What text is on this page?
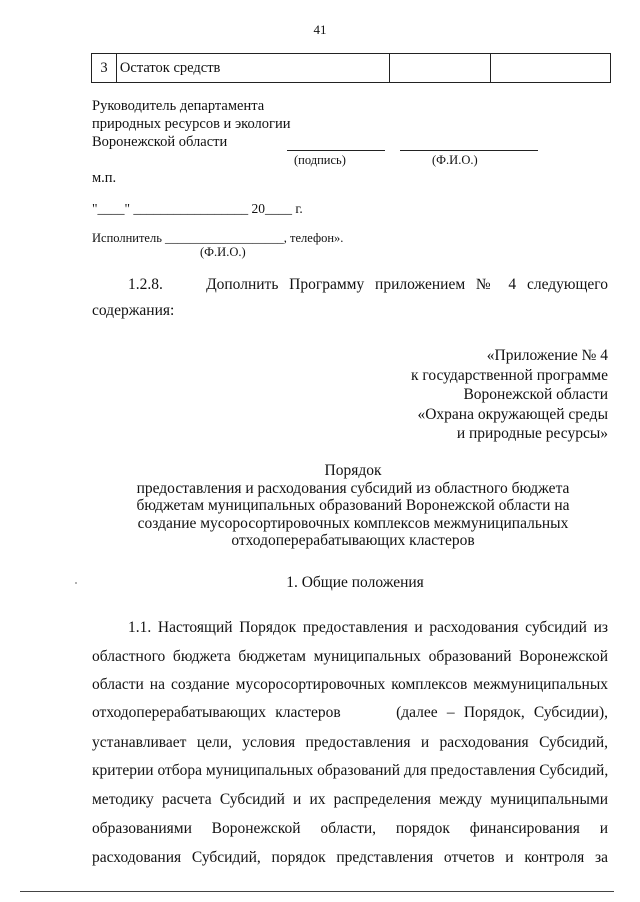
41
3 Остаток средств
Руководитель департамента
природных ресурсов и экологии
Воронежской области
(подпись)	(Ф.И.О.)
м.п.
"____" _________________ 20____ г.
Исполнитель ___________________, телефон».
(Ф.И.О.)
1.2.8.	Дополнить Программу приложением № 4 следующего
содержания:
«Приложение № 4
к государственной программе
Воронежской области
«Охрана окружающей среды
и природные ресурсы»
Порядок
предоставления и расходования субсидий из областного бюджета
бюджетам муниципальных образований Воронежской области на
создание мусоросортировочных комплексов межмуниципальных
отходоперерабатывающих кластеров
1. Общие положения
1.1. Настоящий Порядок предоставления и расходования субсидий из
областного бюджета бюджетам муниципальных образований Воронежской
области на создание мусоросортировочных комплексов межмуниципальных
отходоперерабатывающих кластеров      (далее – Порядок, Субсидии),
устанавливает цели, условия предоставления и расходования Субсидий,
критерии отбора муниципальных образований для предоставления Субсидий,
методику расчета Субсидий и их распределения между муниципальными
образованиями Воронежской области, порядок финансирования и
расходования Субсидий, порядок представления отчетов и контроля за
